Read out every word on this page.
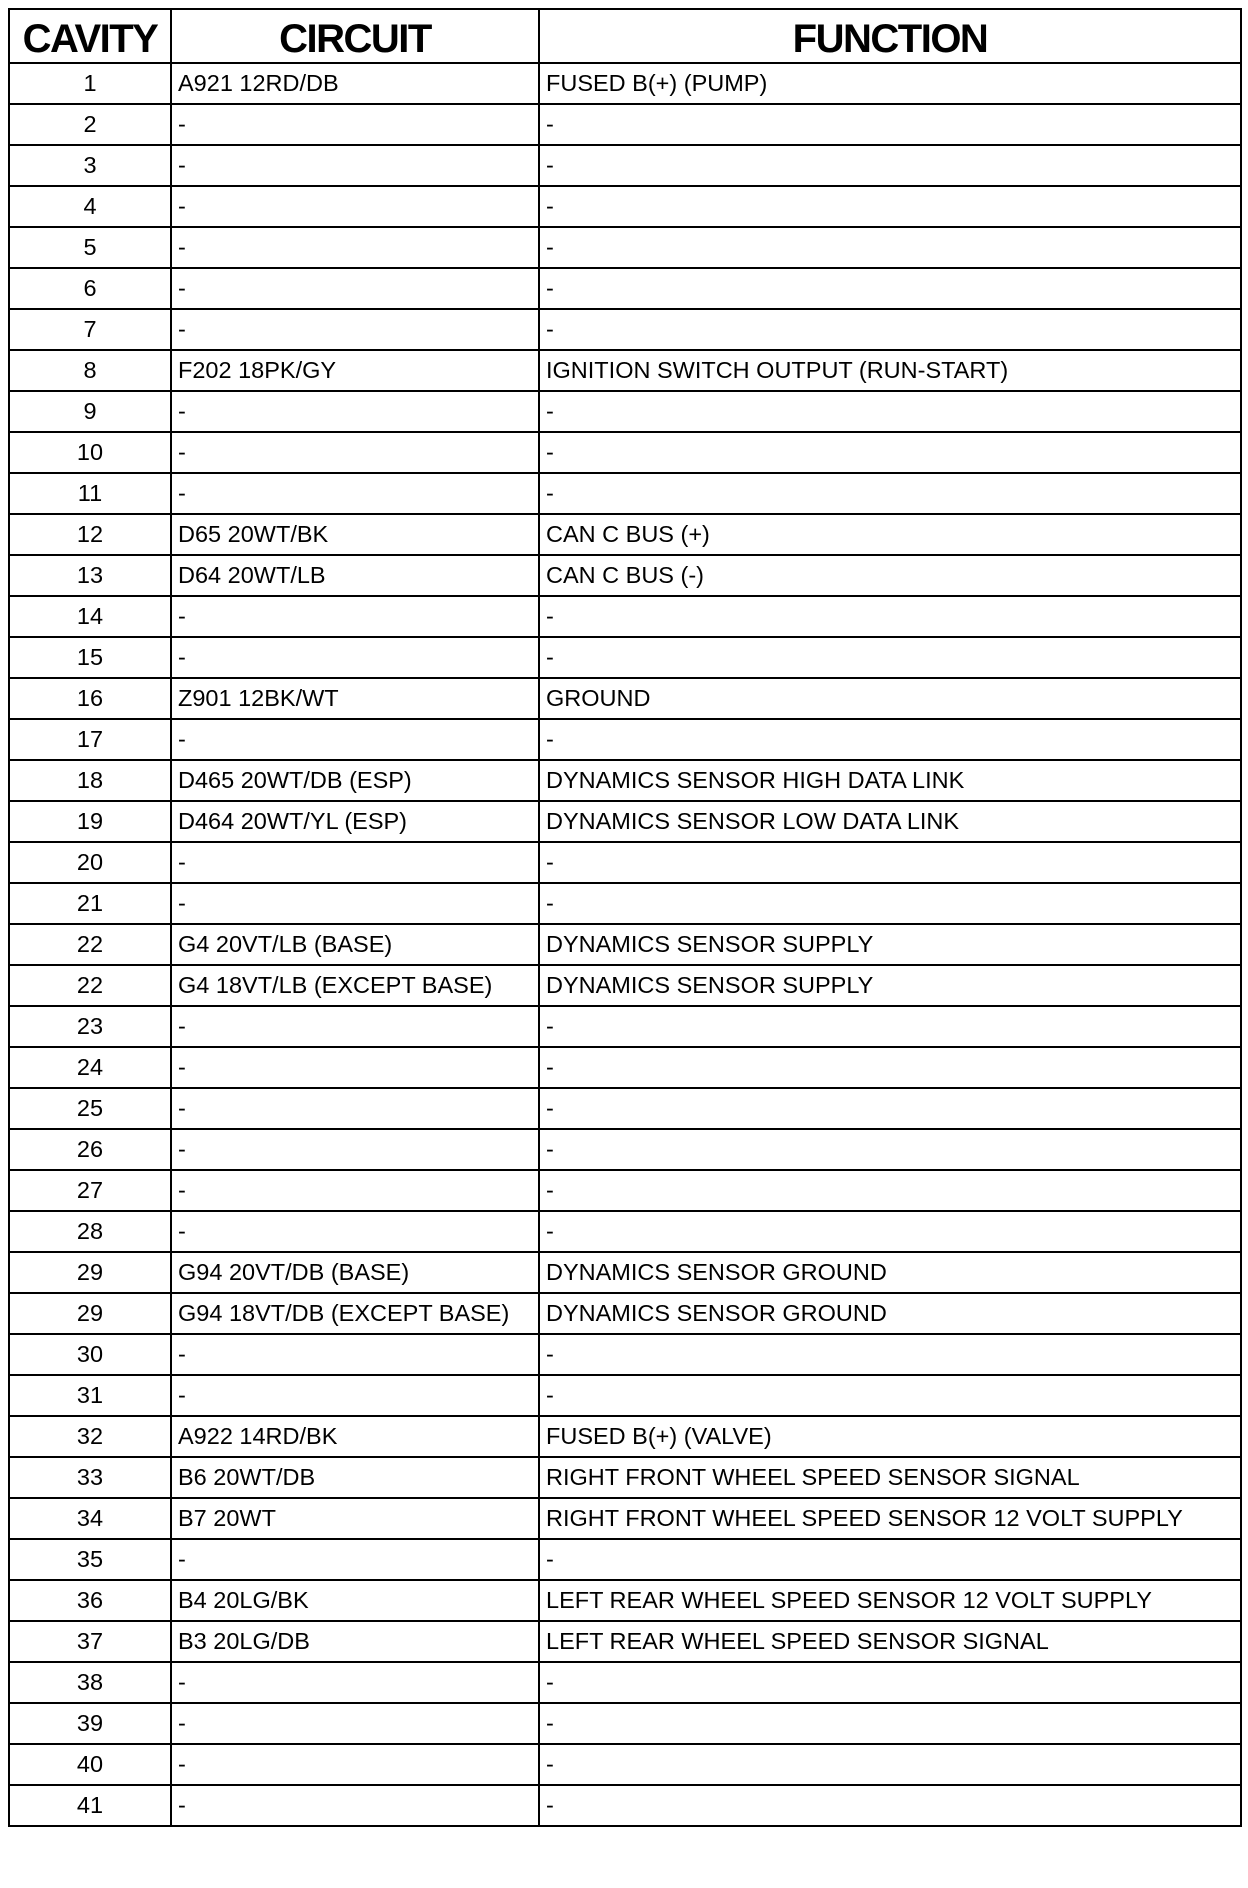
CAVITY	CIRCUIT	FUNCTION
1	A921 12RD/DB	FUSED B(+) (PUMP)
2	-	-
3	-	-
4	-	-
5	-	-
6	-	-
7	-	-
8	F202 18PK/GY	IGNITION SWITCH OUTPUT (RUN-START)
9	-	-
10	-	-
11	-	-
12	D65 20WT/BK	CAN C BUS (+)
13	D64 20WT/LB	CAN C BUS (-)
14	-	-
15	-	-
16	Z901 12BK/WT	GROUND
17	-	-
18	D465 20WT/DB (ESP)	DYNAMICS SENSOR HIGH DATA LINK
19	D464 20WT/YL (ESP)	DYNAMICS SENSOR LOW DATA LINK
20	-	-
21	-	-
22	G4 20VT/LB (BASE)	DYNAMICS SENSOR SUPPLY
22	G4 18VT/LB (EXCEPT BASE)	DYNAMICS SENSOR SUPPLY
23	-	-
24	-	-
25	-	-
26	-	-
27	-	-
28	-	-
29	G94 20VT/DB (BASE)	DYNAMICS SENSOR GROUND
29	G94 18VT/DB (EXCEPT BASE)	DYNAMICS SENSOR GROUND
30	-	-
31	-	-
32	A922 14RD/BK	FUSED B(+) (VALVE)
33	B6 20WT/DB	RIGHT FRONT WHEEL SPEED SENSOR SIGNAL
34	B7 20WT	RIGHT FRONT WHEEL SPEED SENSOR 12 VOLT SUPPLY
35	-	-
36	B4 20LG/BK	LEFT REAR WHEEL SPEED SENSOR 12 VOLT SUPPLY
37	B3 20LG/DB	LEFT REAR WHEEL SPEED SENSOR SIGNAL
38	-	-
39	-	-
40	-	-
41	-	-
